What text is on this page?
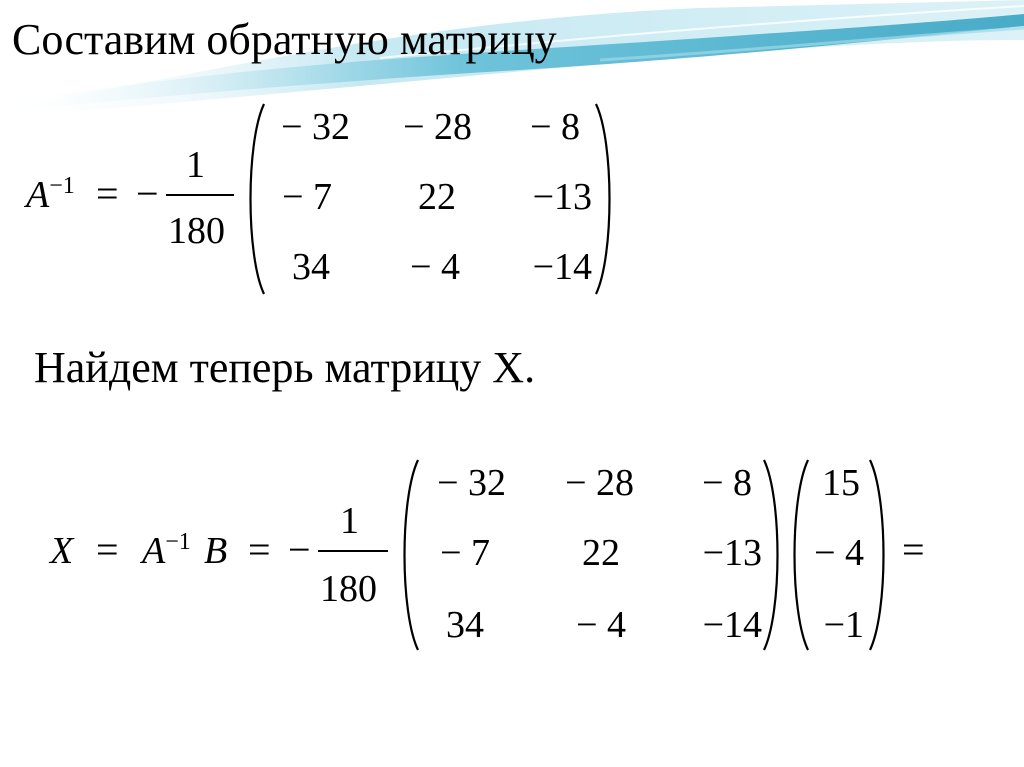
Составим обратную матрицу
$A^{-1}$ = −
1
180
− 32 − 28 − 8
− 7 22 −13
34 − 4 −14
Найдем теперь матрицу X.
$X = A^{-1}$ B = −
1
180
− 32 − 28 − 8
− 7 22 −13
34 − 4 −14
15
− 4
−1
=
